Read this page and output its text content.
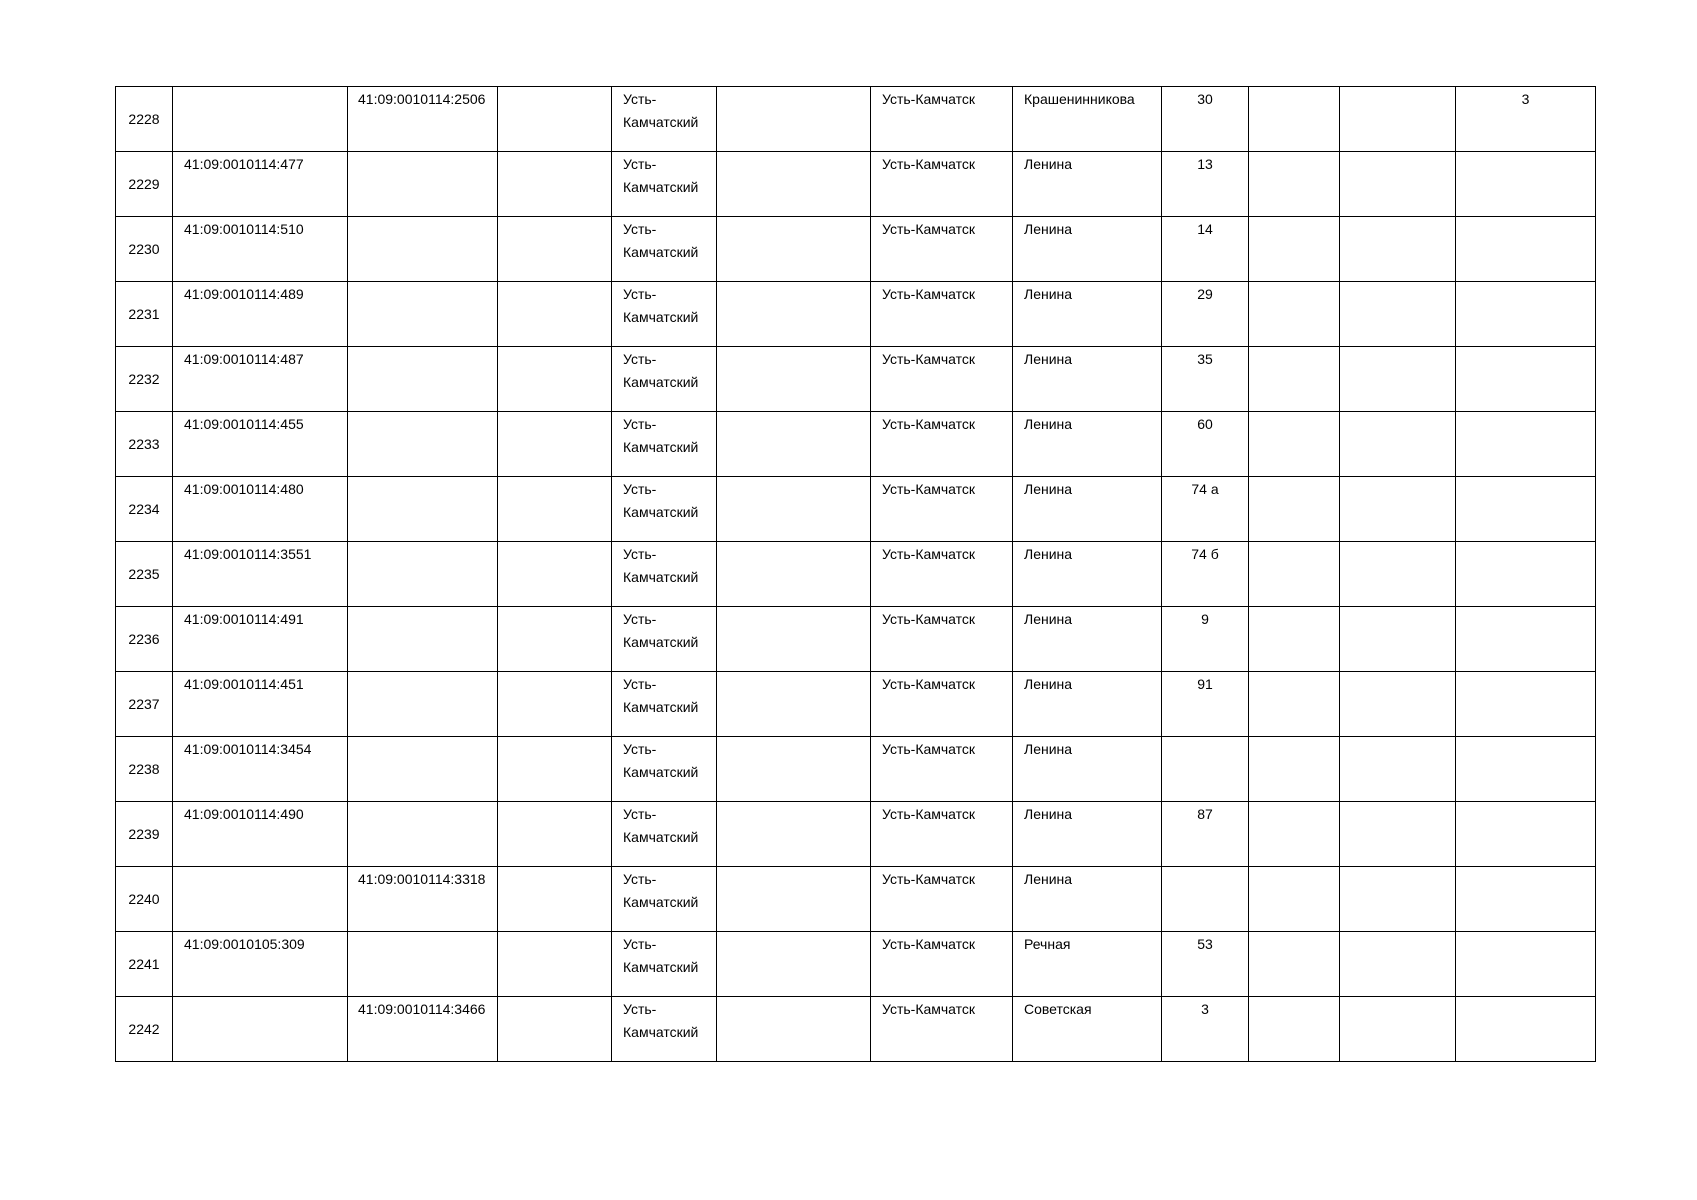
2228		41:09:0010114:2506		Усть-Камчатский		Усть-Камчатск	Крашенинникова	30			3
2229	41:09:0010114:477			Усть-Камчатский		Усть-Камчатск	Ленина	13			
2230	41:09:0010114:510			Усть-Камчатский		Усть-Камчатск	Ленина	14			
2231	41:09:0010114:489			Усть-Камчатский		Усть-Камчатск	Ленина	29			
2232	41:09:0010114:487			Усть-Камчатский		Усть-Камчатск	Ленина	35			
2233	41:09:0010114:455			Усть-Камчатский		Усть-Камчатск	Ленина	60			
2234	41:09:0010114:480			Усть-Камчатский		Усть-Камчатск	Ленина	74 а			
2235	41:09:0010114:3551			Усть-Камчатский		Усть-Камчатск	Ленина	74 б			
2236	41:09:0010114:491			Усть-Камчатский		Усть-Камчатск	Ленина	9			
2237	41:09:0010114:451			Усть-Камчатский		Усть-Камчатск	Ленина	91			
2238	41:09:0010114:3454			Усть-Камчатский		Усть-Камчатск	Ленина				
2239	41:09:0010114:490			Усть-Камчатский		Усть-Камчатск	Ленина	87			
2240		41:09:0010114:3318		Усть-Камчатский		Усть-Камчатск	Ленина				
2241	41:09:0010105:309			Усть-Камчатский		Усть-Камчатск	Речная	53			
2242		41:09:0010114:3466		Усть-Камчатский		Усть-Камчатск	Советская	3			
